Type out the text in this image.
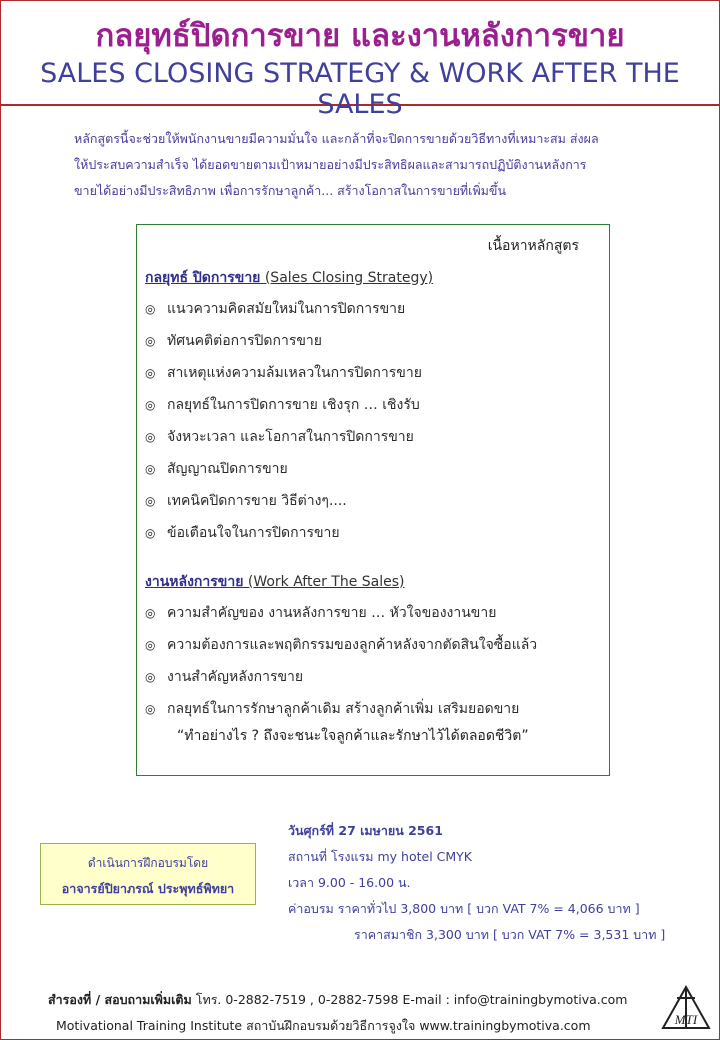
กลยุทธ์ปิดการขาย และงานหลังการขาย
SALES CLOSING STRATEGY & WORK AFTER THE SALES
หลักสูตรนี้จะช่วยให้พนักงานขายมีความมั่นใจ และกล้าที่จะปิดการขายด้วยวิธีทางที่เหมาะสม ส่งผล
ให้ประสบความสำเร็จ ได้ยอดขายตามเป้าหมายอย่างมีประสิทธิผลและสามารถปฏิบัติงานหลังการ
ขายได้อย่างมีประสิทธิภาพ เพื่อการรักษาลูกค้า... สร้างโอกาสในการขายที่เพิ่มขึ้น
เนื้อหาหลักสูตร
กลยุทธ์ ปิดการขาย (Sales Closing Strategy)
◎ แนวความคิดสมัยใหม่ในการปิดการขาย
◎ ทัศนคติต่อการปิดการขาย
◎ สาเหตุแห่งความล้มเหลวในการปิดการขาย
◎ กลยุทธ์ในการปิดการขาย เชิงรุก … เชิงรับ
◎ จังหวะเวลา และโอกาสในการปิดการขาย
◎ สัญญาณปิดการขาย
◎ เทคนิคปิดการขาย วิธีต่างๆ....
◎ ข้อเตือนใจในการปิดการขาย
งานหลังการขาย (Work After The Sales)
◎ ความสำคัญของ งานหลังการขาย … หัวใจของงานขาย
◎ ความต้องการและพฤติกรรมของลูกค้าหลังจากตัดสินใจซื้อแล้ว
◎ งานสำคัญหลังการขาย
◎ กลยุทธ์ในการรักษาลูกค้าเดิม สร้างลูกค้าเพิ่ม เสริมยอดขาย
“ทำอย่างไร ? ถึงจะชนะใจลูกค้าและรักษาไว้ได้ตลอดชีวิต”
ดำเนินการฝึกอบรมโดย
อาจารย์ปิยาภรณ์ ประพุทธ์พิทยา
วันศุกร์ที่ 27 เมษายน 2561
สถานที่ โรงแรม my hotel CMYK
เวลา 9.00 - 16.00 น.
ค่าอบรม ราคาทั่วไป 3,800 บาท [ บวก VAT 7% = 4,066 บาท ]
ราคาสมาชิก 3,300 บาท [ บวก VAT 7% = 3,531 บาท ]
สำรองที่ / สอบถามเพิ่มเติม โทร. 0-2882-7519 , 0-2882-7598 E-mail : info@trainingbymotiva.com
Motivational Training Institute สถาบันฝึกอบรมด้วยวิธีการจูงใจ www.trainingbymotiva.com	MTI
